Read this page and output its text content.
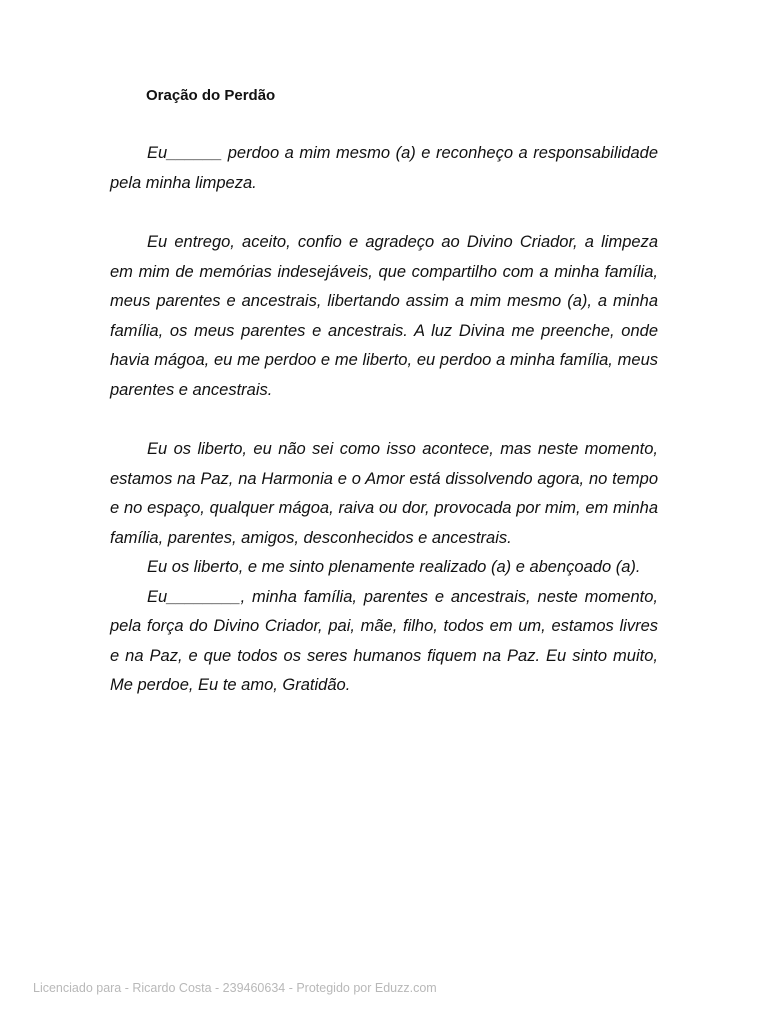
Oração do Perdão

Eu______ perdoo a mim mesmo (a) e reconheço a responsabilidade pela minha limpeza.

Eu entrego, aceito, confio e agradeço ao Divino Criador, a limpeza em mim de memórias indesejáveis, que compartilho com a minha família, meus parentes e ancestrais, libertando assim a mim mesmo (a), a minha família, os meus parentes e ancestrais. A luz Divina me preenche, onde havia mágoa, eu me perdoo e me liberto, eu perdoo a minha família, meus parentes e ancestrais.

Eu os liberto, eu não sei como isso acontece, mas neste momento, estamos na Paz, na Harmonia e o Amor está dissolvendo agora, no tempo e no espaço, qualquer mágoa, raiva ou dor, provocada por mim, em minha família, parentes, amigos, desconhecidos e ancestrais.

Eu os liberto, e me sinto plenamente realizado (a) e abençoado (a).

Eu________, minha família, parentes e ancestrais, neste momento, pela força do Divino Criador, pai, mãe, filho, todos em um, estamos livres e na Paz, e que todos os seres humanos fiquem na Paz. Eu sinto muito, Me perdoe, Eu te amo, Gratidão.

Licenciado para - Ricardo Costa - 239460634 - Protegido por Eduzz.com
